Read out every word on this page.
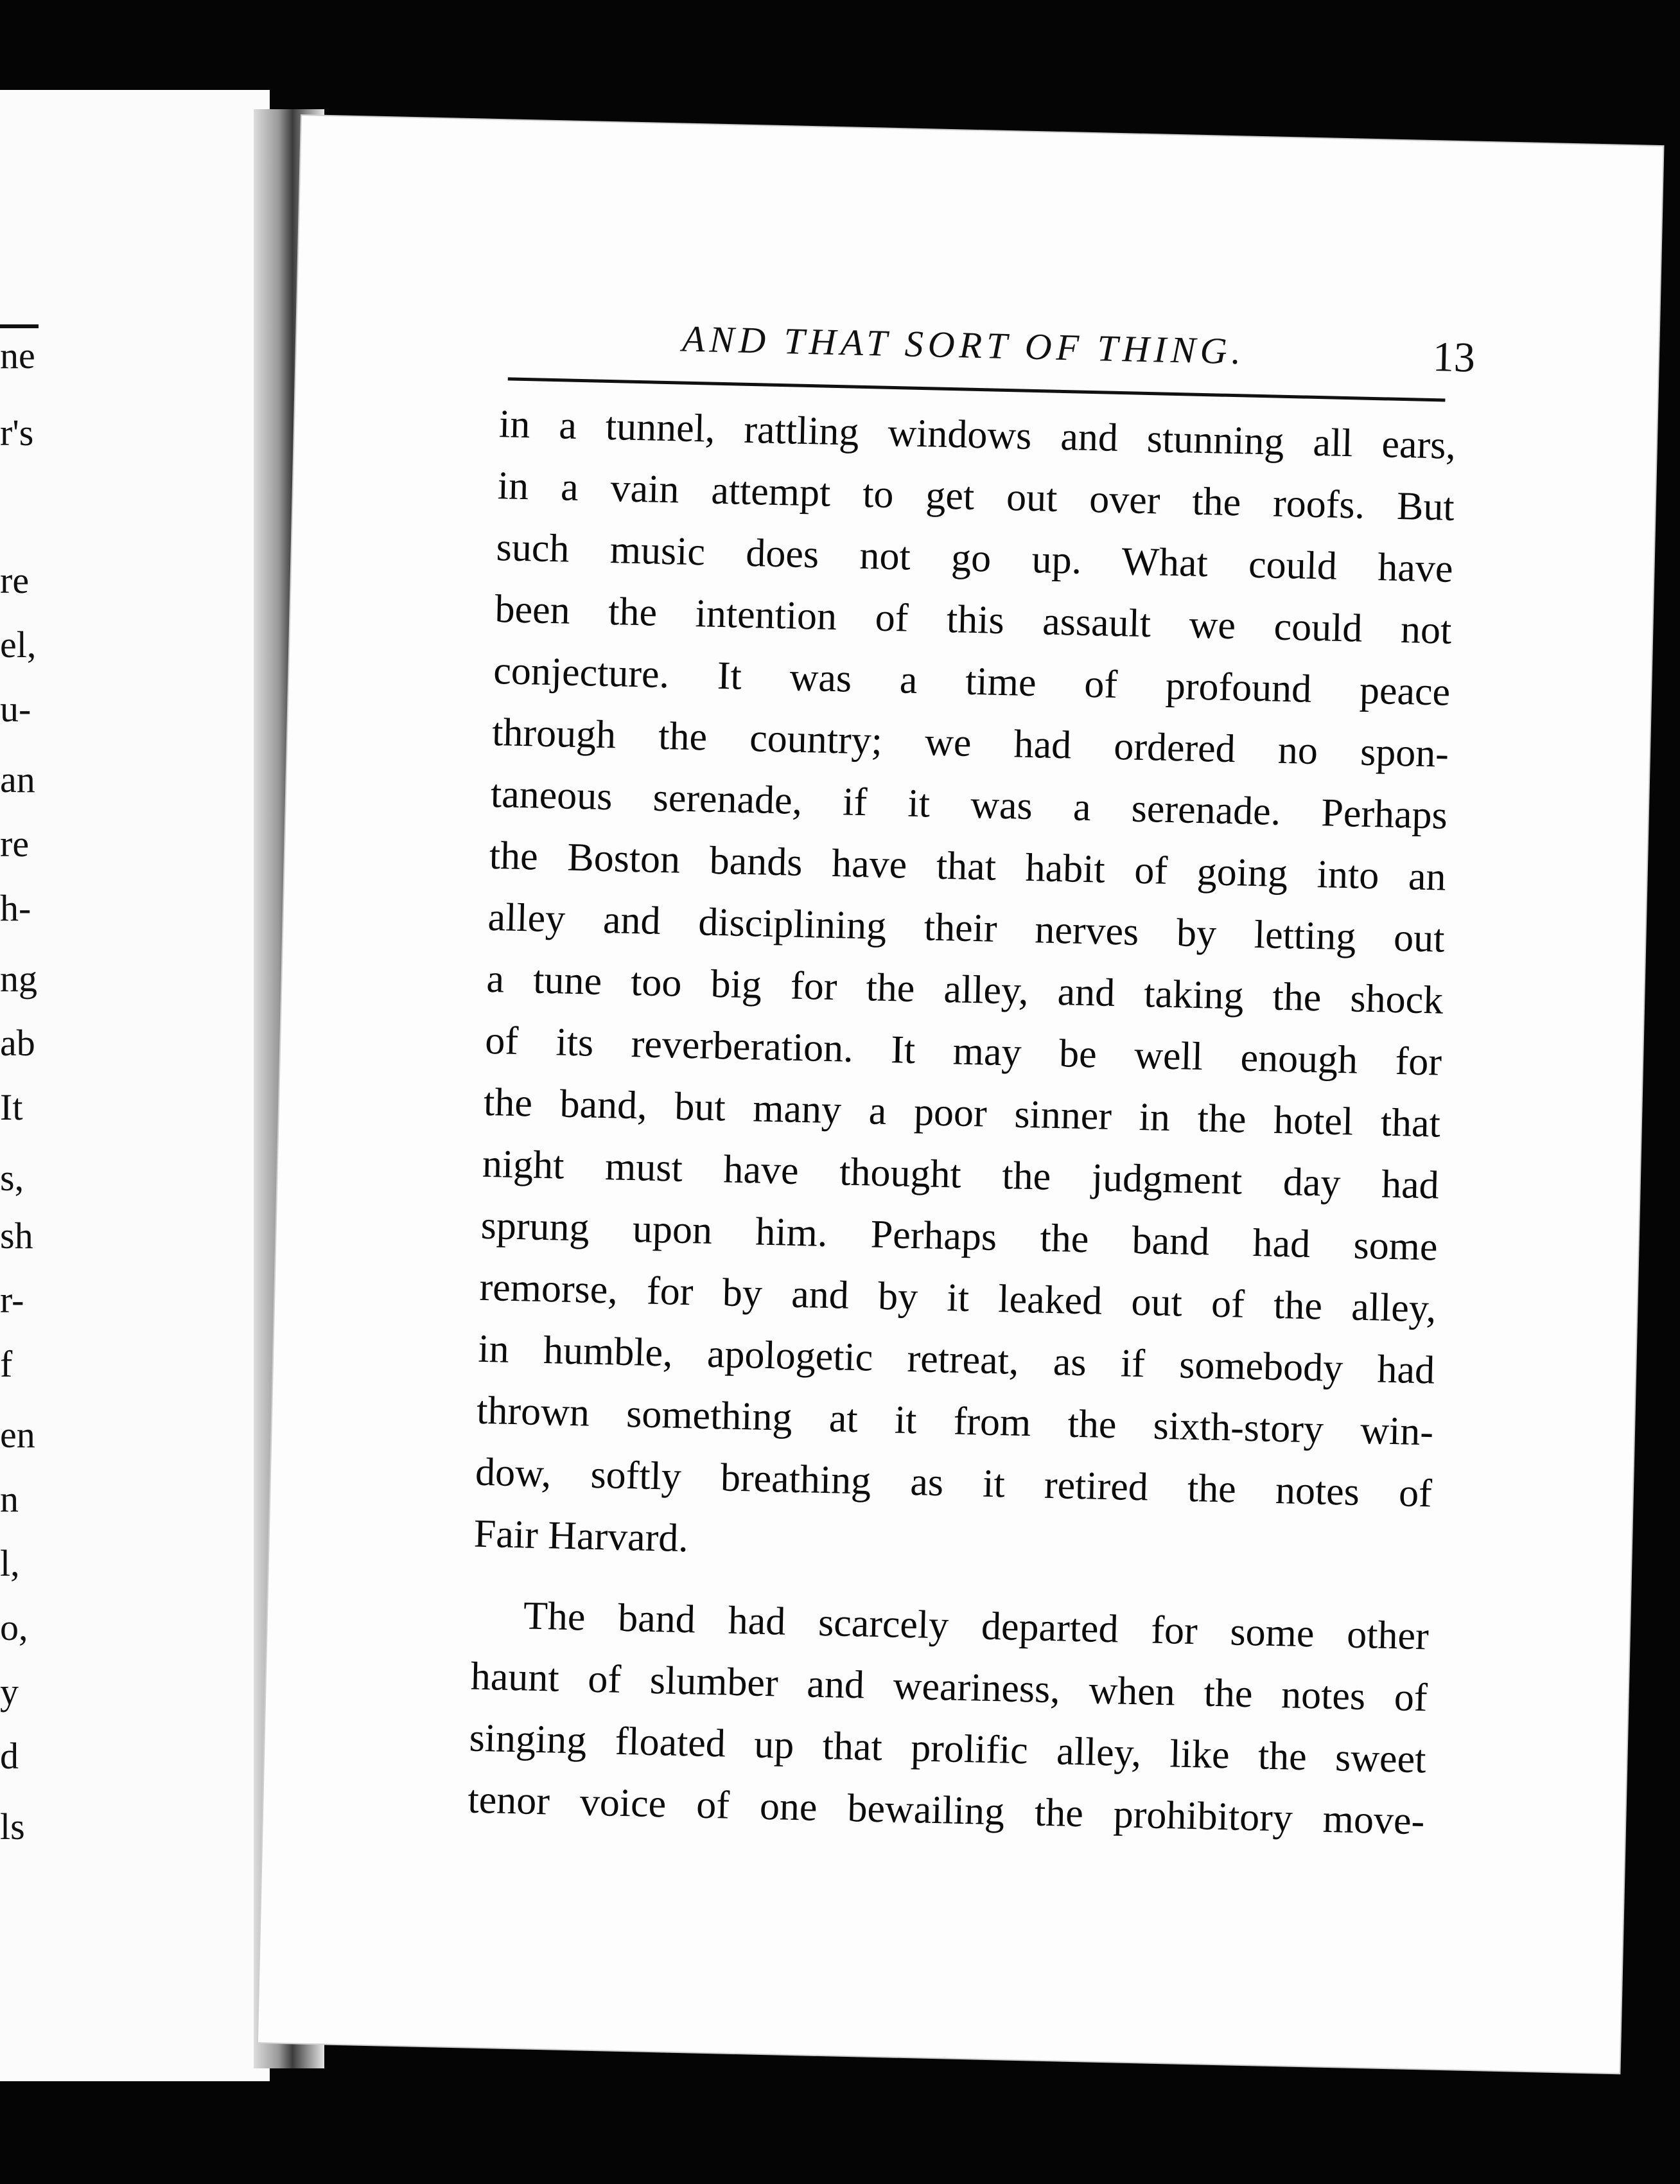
ne
r's
re
el,
u-
an
re
h-
ng
ab
It
s,
sh
r-
f
en
n
l,
o,
y
d
ls
AND THAT SORT OF THING.	13
in a tunnel, rattling windows and stunning all ears,
in a vain attempt to get out over the roofs. But
such music does not go up. What could have
been the intention of this assault we could not
conjecture. It was a time of profound peace
through the country; we had ordered no spon-
taneous serenade, if it was a serenade. Perhaps
the Boston bands have that habit of going into an
alley and disciplining their nerves by letting out
a tune too big for the alley, and taking the shock
of its reverberation. It may be well enough for
the band, but many a poor sinner in the hotel that
night must have thought the judgment day had
sprung upon him. Perhaps the band had some
remorse, for by and by it leaked out of the alley,
in humble, apologetic retreat, as if somebody had
thrown something at it from the sixth-story win-
dow, softly breathing as it retired the notes of
Fair Harvard.
The band had scarcely departed for some other
haunt of slumber and weariness, when the notes of
singing floated up that prolific alley, like the sweet
tenor voice of one bewailing the prohibitory move-
